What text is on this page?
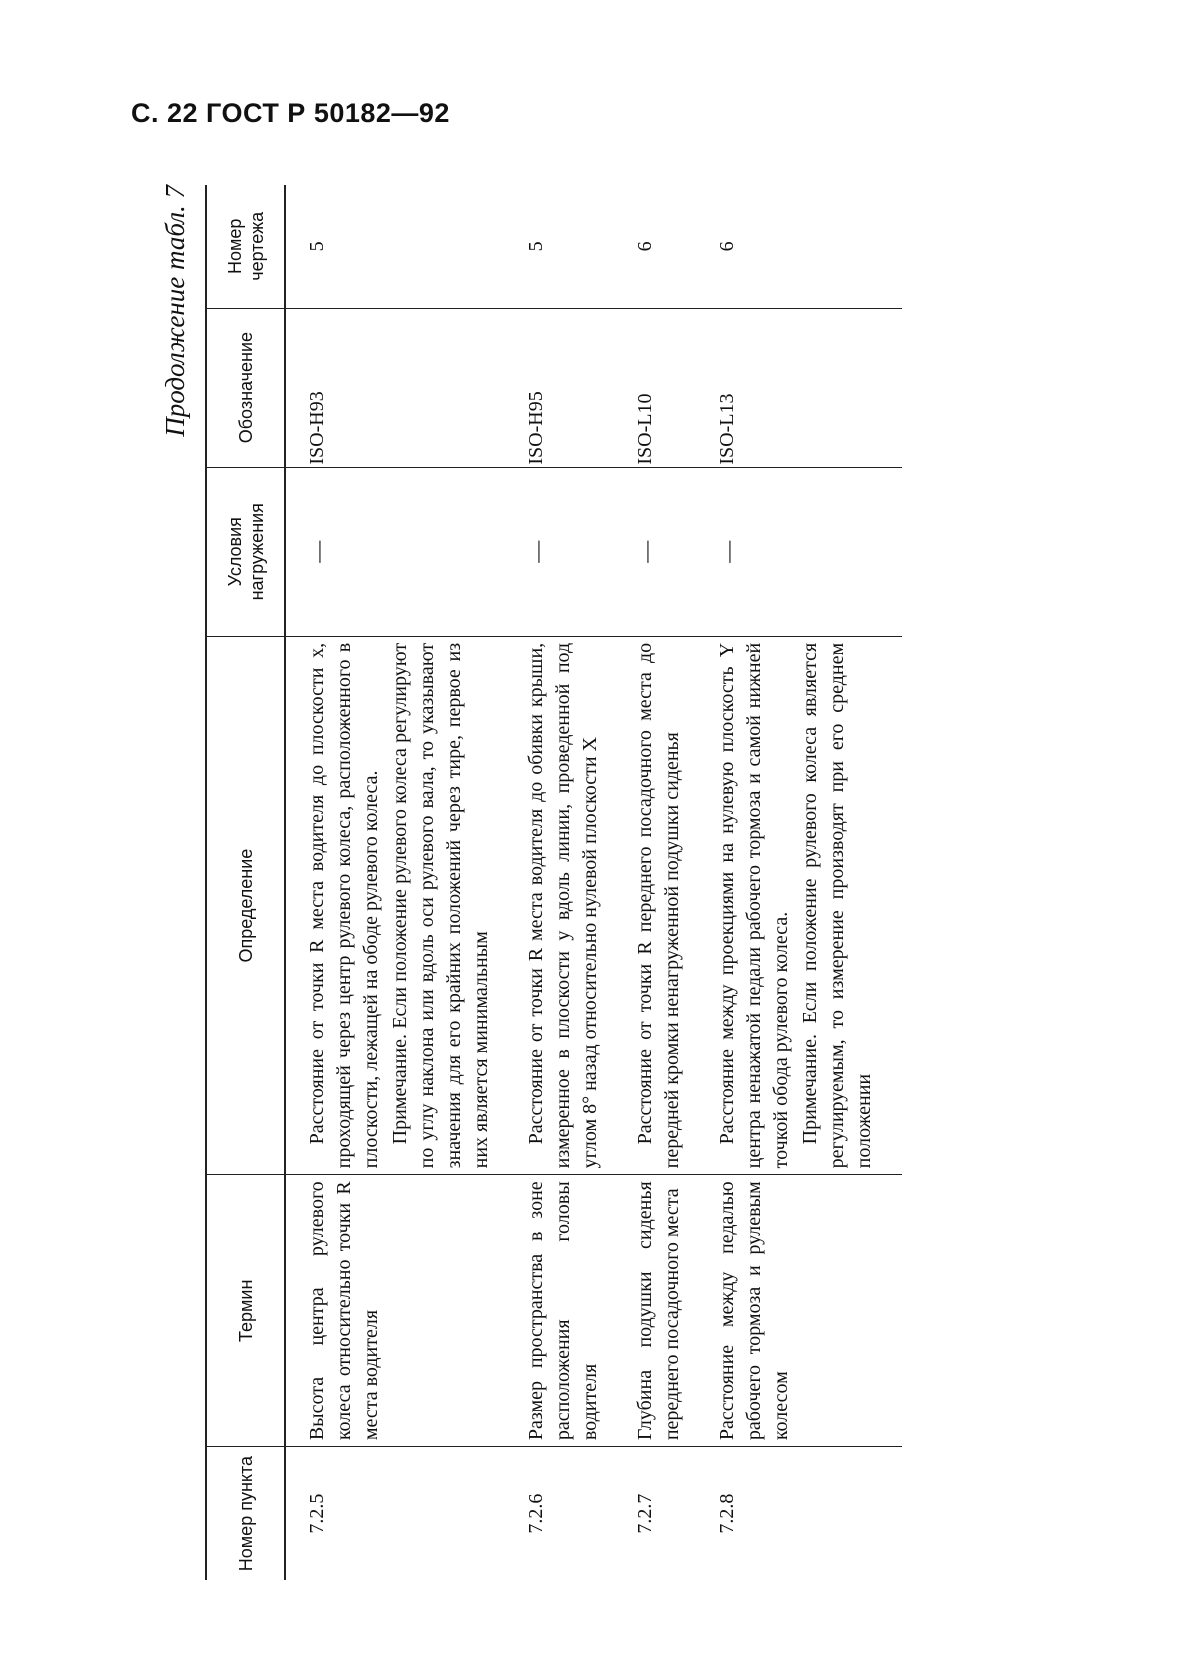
С. 22 ГОСТ Р 50182—92
Продолжение табл. 7
Номер пункта	Термин	Определение	Условия нагружения	Обозначение	Номер чертежа
7.2.5	Высота центра рулевого колеса относительно точки R места водителя	Расстояние от точки R места водителя до плоскости x, проходящей через центр рулевого колеса, расположенного в плоскости, лежащей на ободе рулевого колеса. Примечание. Если положение рулевого колеса регулируют по углу наклона или вдоль оси рулевого вала, то указывают значения для его крайних положений через тире, первое из них является минимальным	—	ISO-H93	5
7.2.6	Размер пространства в зоне расположения головы водителя	Расстояние от точки R места водителя до обивки крыши, измеренное в плоскости y вдоль линии, проведенной под углом 8° назад относительно нулевой плоскости X	—	ISO-H95	5
7.2.7	Глубина подушки сиденья переднего посадочного места	Расстояние от точки R переднего посадочного места до передней кромки ненагруженной подушки сиденья	—	ISO-L10	6
7.2.8	Расстояние между педалью рабочего тормоза и рулевым колесом	Расстояние между проекциями на нулевую плоскость Y центра ненажатой педали рабочего тормоза и самой нижней точкой обода рулевого колеса. Примечание. Если положение рулевого колеса является регулируемым, то измерение производят при его среднем положении	—	ISO-L13	6
